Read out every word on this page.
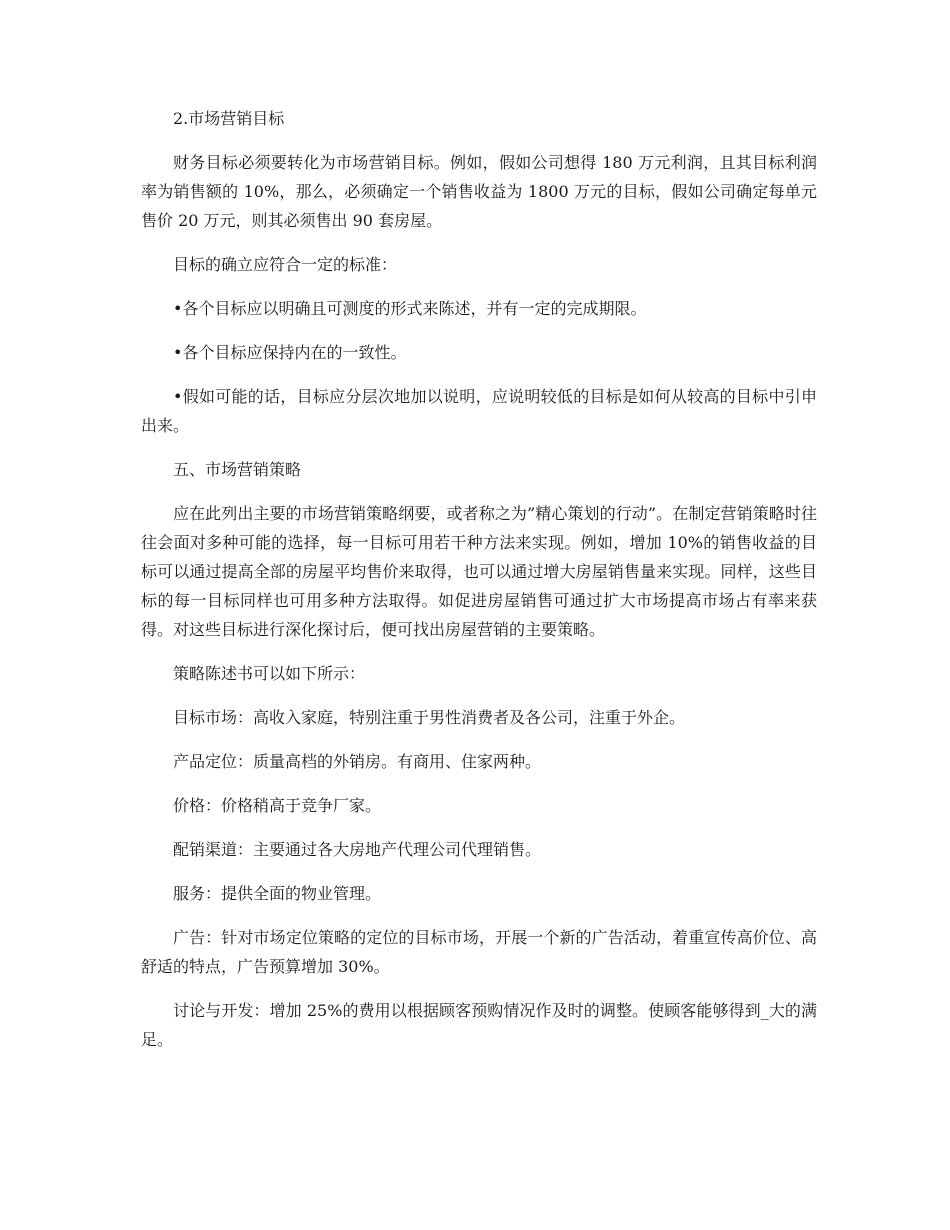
2.市场营销目标

财务目标必须要转化为市场营销目标。例如，假如公司想得 180 万元利润，且其目标利润率为销售额的 10%，那么，必须确定一个销售收益为 1800 万元的目标，假如公司确定每单元售价 20 万元，则其必须售出 90 套房屋。

目标的确立应符合一定的标准：

•各个目标应以明确且可测度的形式来陈述，并有一定的完成期限。

•各个目标应保持内在的一致性。

•假如可能的话，目标应分层次地加以说明，应说明较低的目标是如何从较高的目标中引申出来。

五、市场营销策略

应在此列出主要的市场营销策略纲要，或者称之为”精心策划的行动”。在制定营销策略时往往会面对多种可能的选择，每一目标可用若干种方法来实现。例如，增加 10%的销售收益的目标可以通过提高全部的房屋平均售价来取得，也可以通过增大房屋销售量来实现。同样，这些目标的每一目标同样也可用多种方法取得。如促进房屋销售可通过扩大市场提高市场占有率来获得。对这些目标进行深化探讨后，便可找出房屋营销的主要策略。

策略陈述书可以如下所示：

目标市场：高收入家庭，特别注重于男性消费者及各公司，注重于外企。

产品定位：质量高档的外销房。有商用、住家两种。

价格：价格稍高于竞争厂家。

配销渠道：主要通过各大房地产代理公司代理销售。

服务：提供全面的物业管理。

广告：针对市场定位策略的定位的目标市场，开展一个新的广告活动，着重宣传高价位、高舒适的特点，广告预算增加 30%。

讨论与开发：增加 25%的费用以根据顾客预购情况作及时的调整。使顾客能够得到_大的满足。
